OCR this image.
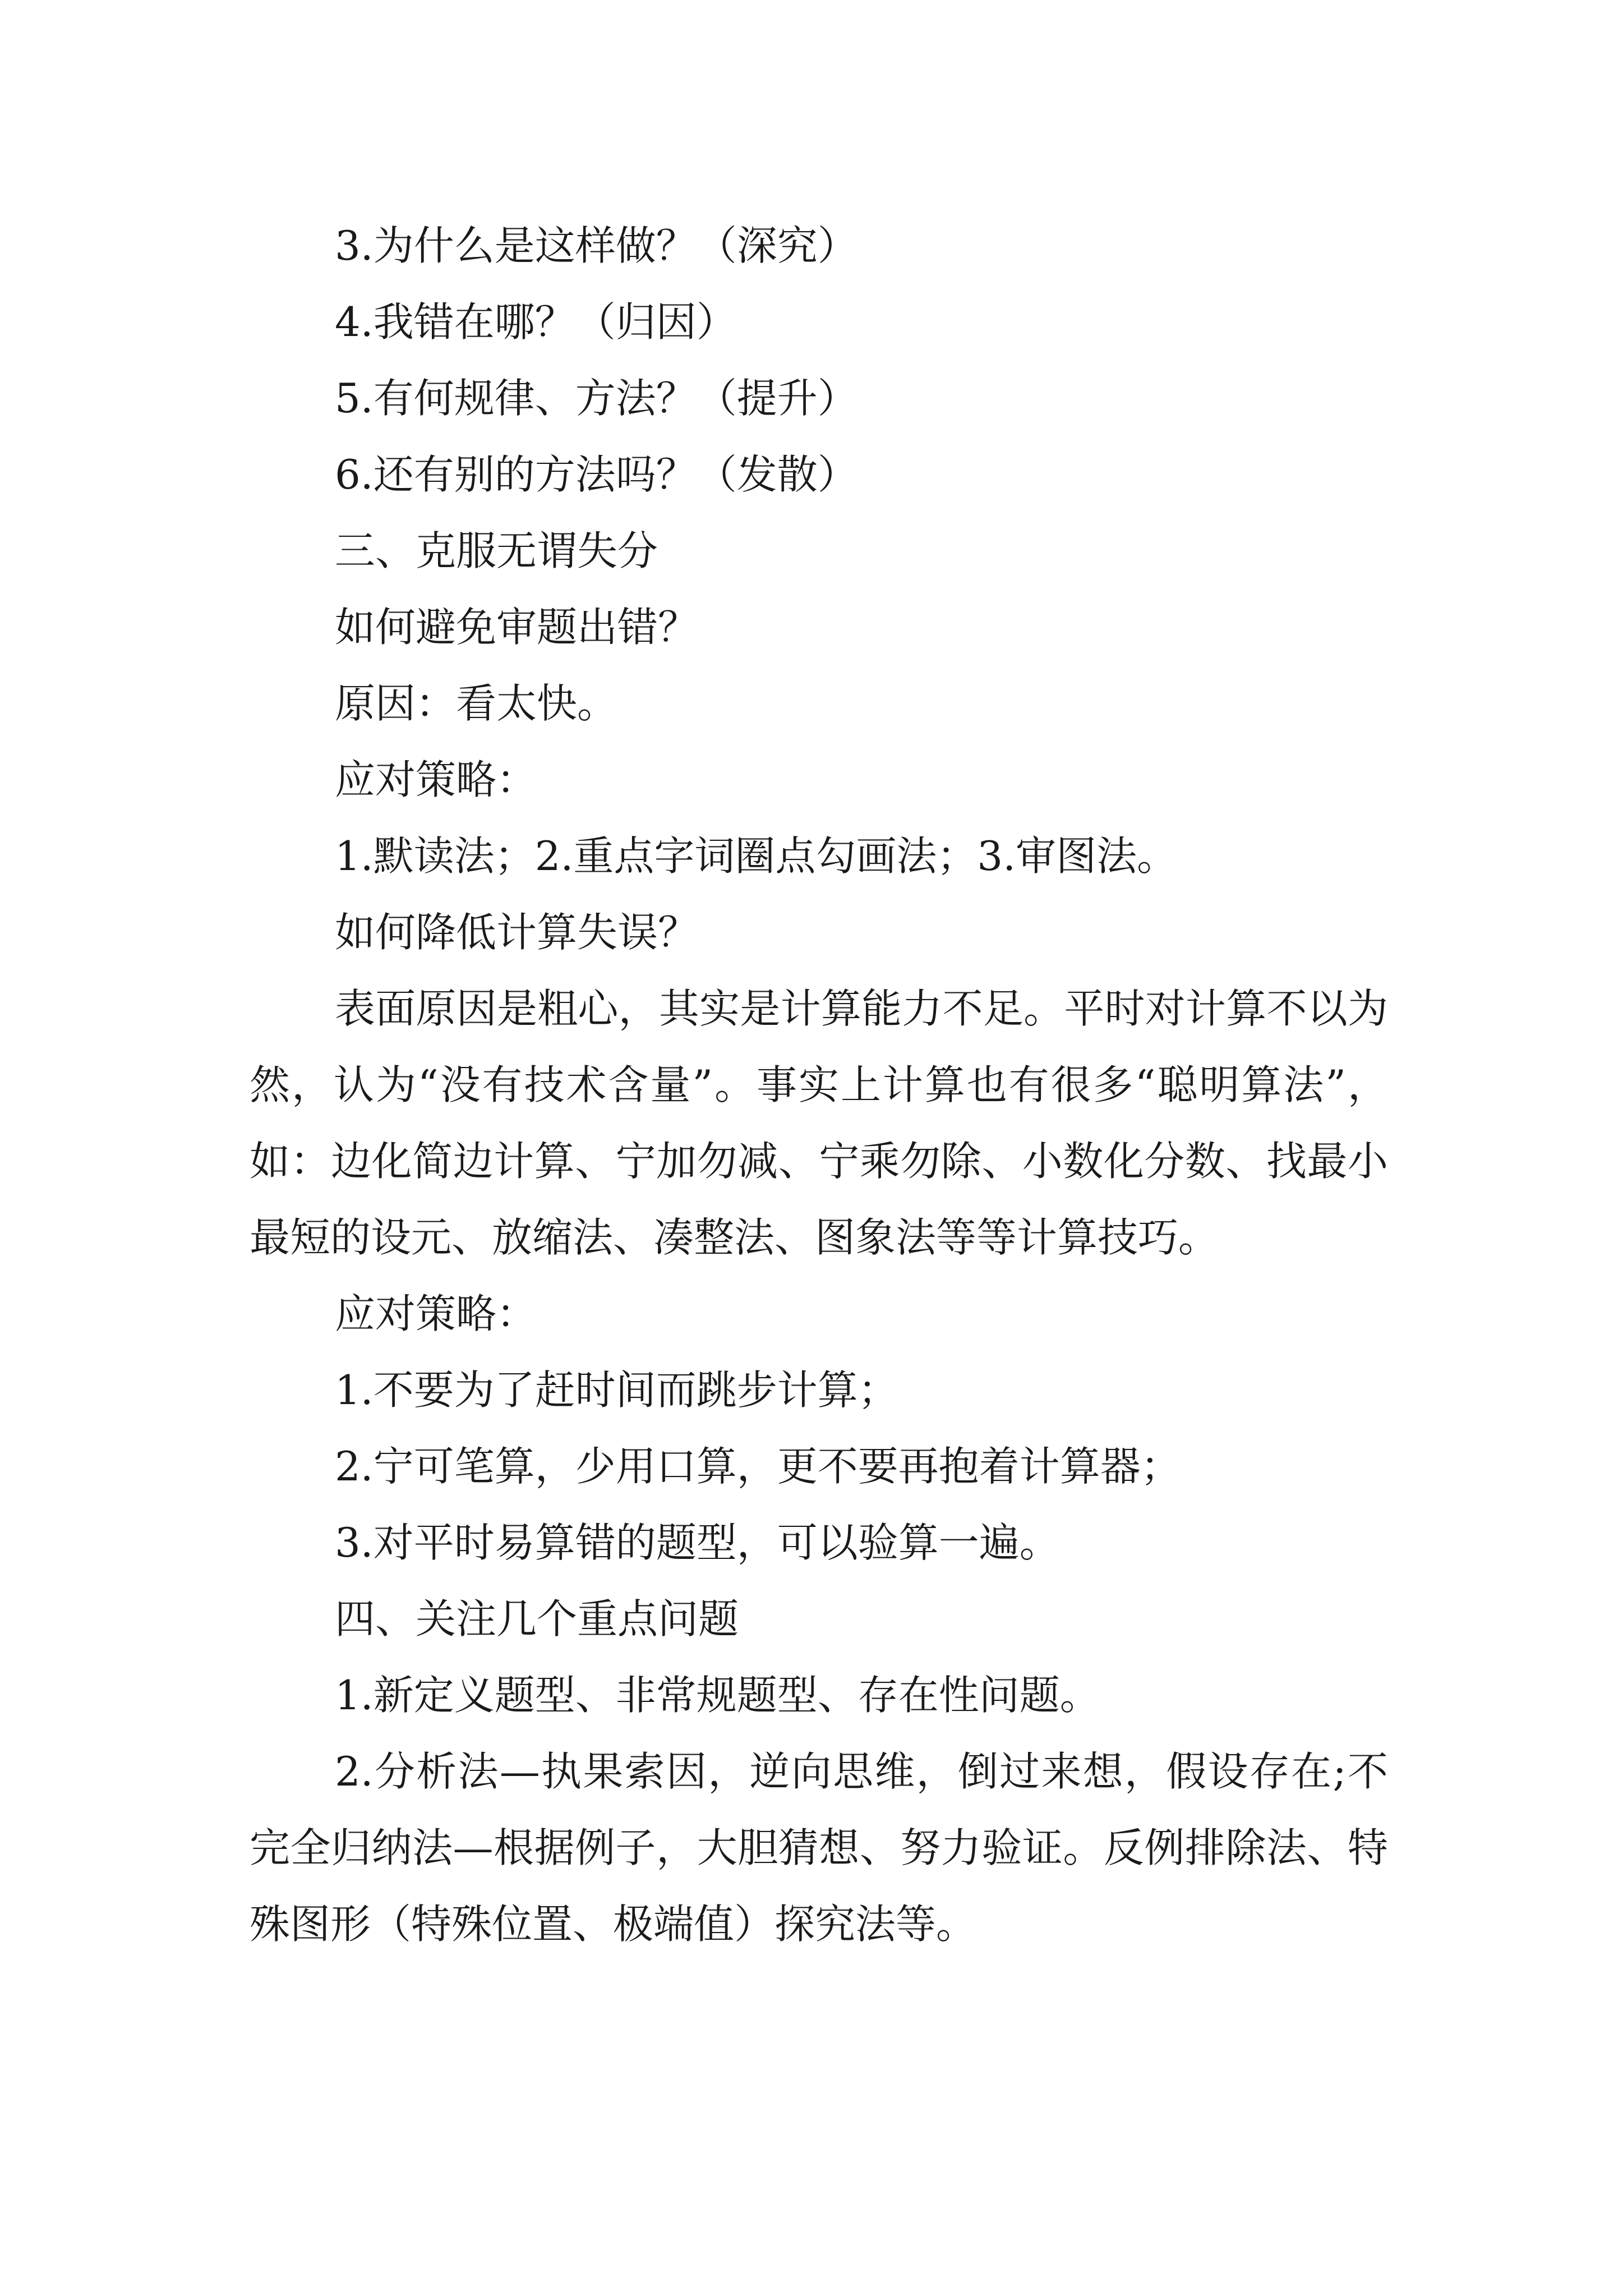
3.为什么是这样做？（深究）

4.我错在哪？（归因）

5.有何规律、方法？（提升）

6.还有别的方法吗？（发散）

三、克服无谓失分

如何避免审题出错？

原因：看太快。

应对策略：

1.默读法；2.重点字词圈点勾画法；3.审图法。

如何降低计算失误？

表面原因是粗心，其实是计算能力不足。平时对计算不以为然，认为“没有技术含量”。事实上计算也有很多“聪明算法”，如：边化简边计算、宁加勿减、宁乘勿除、小数化分数、找最小最短的设元、放缩法、凑整法、图象法等等计算技巧。

应对策略：

1.不要为了赶时间而跳步计算；

2.宁可笔算，少用口算，更不要再抱着计算器；

3.对平时易算错的题型，可以验算一遍。

四、关注几个重点问题

1.新定义题型、非常规题型、存在性问题。

2.分析法—执果索因，逆向思维，倒过来想，假设存在;不完全归纳法—根据例子，大胆猜想、努力验证。反例排除法、特殊图形（特殊位置、极端值）探究法等。
